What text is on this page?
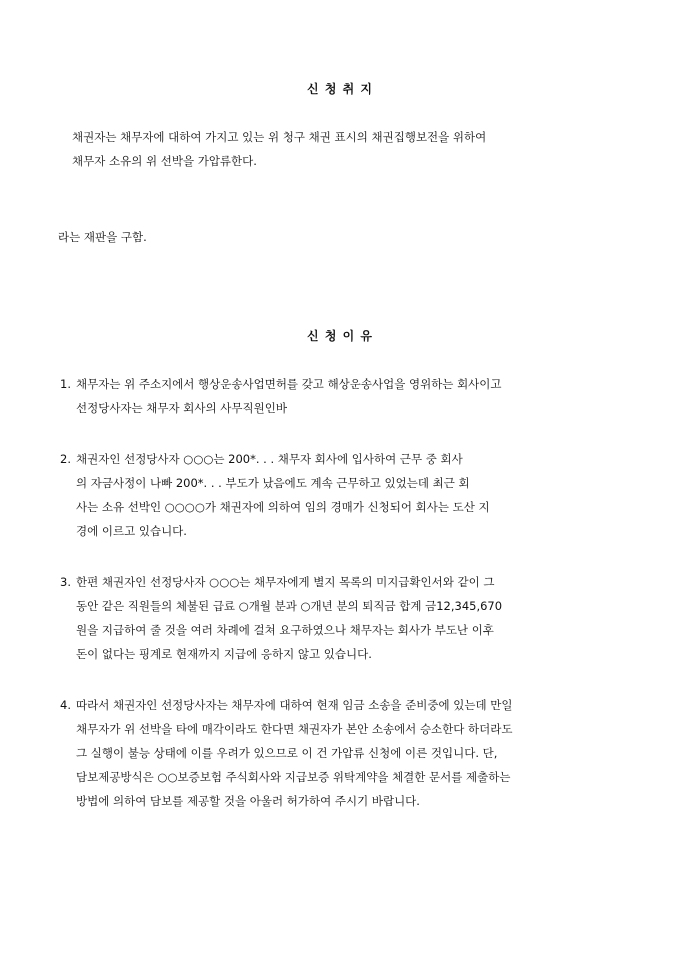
신 청 취 지
채권자는 채무자에 대하여 가지고 있는 위 청구 채권 표시의 채권집행보전을 위하여
채무자 소유의 위 선박을 가압류한다.
라는 재판을 구함.
신 청 이 유
1. 채무자는 위 주소지에서 행상운송사업면허를 갖고 해상운송사업을 영위하는 회사이고
선정당사자는 채무자 회사의 사무직원인바
2. 채권자인 선정당사자 ○○○는 200*. . . 채무자 회사에 입사하여 근무 중 회사
의 자금사정이 나빠 200*. . . 부도가 났음에도 계속 근무하고 있었는데 최근 회
사는 소유 선박인 ○○○○가 채권자에 의하여 임의 경매가 신청되어 회사는 도산 지
경에 이르고 있습니다.
3. 한편 채권자인 선정당사자 ○○○는 채무자에게 별지 목록의 미지급확인서와 같이 그
동안 같은 직원들의 체불된 급료 ○개월 분과 ○개년 분의 퇴직금 합계 금12,345,670
원을 지급하여 줄 것을 여러 차례에 걸쳐 요구하였으나 채무자는 회사가 부도난 이후
돈이 없다는 핑계로 현재까지 지급에 응하지 않고 있습니다.
4. 따라서 채권자인 선정당사자는 채무자에 대하여 현재 임금 소송을 준비중에 있는데 만일
채무자가 위 선박을 타에 매각이라도 한다면 채권자가 본안 소송에서 승소한다 하더라도
그 실행이 불능 상태에 이를 우려가 있으므로 이 건 가압류 신청에 이른 것입니다. 단,
담보제공방식은 ○○보증보험 주식회사와 지급보증 위탁계약을 체결한 문서를 제출하는
방법에 의하여 담보를 제공할 것을 아울러 허가하여 주시기 바랍니다.
